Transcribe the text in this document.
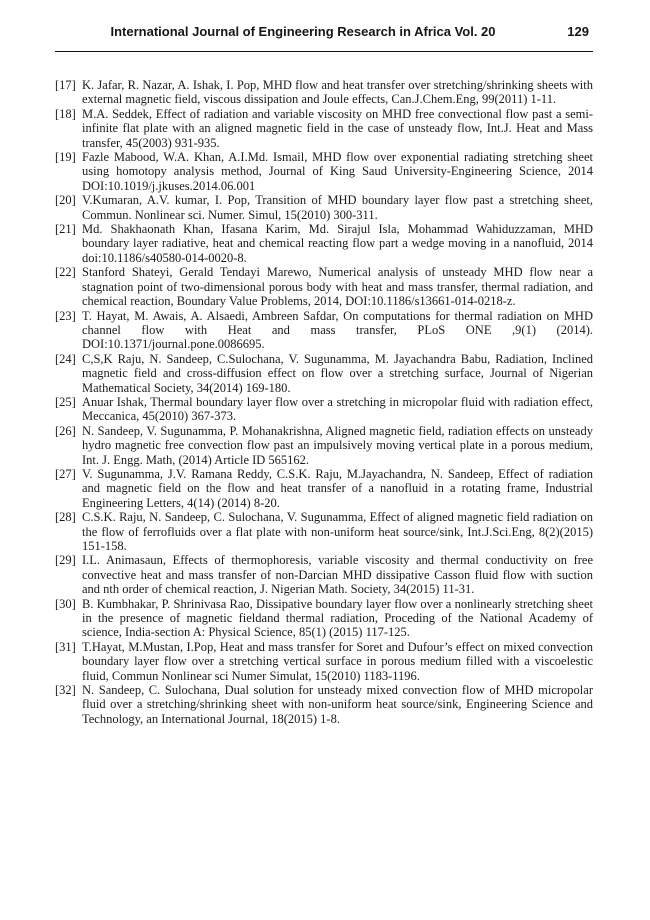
International Journal of Engineering Research in Africa Vol. 20	129
[17] K. Jafar, R. Nazar, A. Ishak, I. Pop, MHD flow and heat transfer over stretching/shrinking sheets with external magnetic field, viscous dissipation and Joule effects, Can.J.Chem.Eng, 99(2011) 1-11.
[18] M.A. Seddek, Effect of radiation and variable viscosity on MHD free convectional flow past a semi-infinite flat plate with an aligned magnetic field in the case of unsteady flow, Int.J. Heat and Mass transfer, 45(2003) 931-935.
[19] Fazle Mabood, W.A. Khan, A.I.Md. Ismail, MHD flow over exponential radiating stretching sheet using homotopy analysis method, Journal of King Saud University-Engineering Science, 2014 DOI:10.1019/j.jkuses.2014.06.001
[20] V.Kumaran, A.V. kumar, I. Pop, Transition of MHD boundary layer flow past a stretching sheet, Commun. Nonlinear sci. Numer. Simul, 15(2010) 300-311.
[21] Md. Shakhaonath Khan, Ifasana Karim, Md. Sirajul Isla, Mohammad Wahiduzzaman, MHD boundary layer radiative, heat and chemical reacting flow part a wedge moving in a nanofluid, 2014 doi:10.1186/s40580-014-0020-8.
[22] Stanford Shateyi, Gerald Tendayi Marewo, Numerical analysis of unsteady MHD flow near a stagnation point of two-dimensional porous body with heat and mass transfer, thermal radiation, and chemical reaction, Boundary Value Problems, 2014, DOI:10.1186/s13661-014-0218-z.
[23] T. Hayat, M. Awais, A. Alsaedi, Ambreen Safdar, On computations for thermal radiation on MHD channel flow with Heat and mass transfer, PLoS ONE ,9(1) (2014). DOI:10.1371/journal.pone.0086695.
[24] C,S,K Raju, N. Sandeep, C.Sulochana, V. Sugunamma, M. Jayachandra Babu, Radiation, Inclined magnetic field and cross-diffusion effect on flow over a stretching surface, Journal of Nigerian Mathematical Society, 34(2014) 169-180.
[25] Anuar Ishak, Thermal boundary layer flow over a stretching in micropolar fluid with radiation effect, Meccanica, 45(2010) 367-373.
[26] N. Sandeep, V. Sugunamma, P. Mohanakrishna, Aligned magnetic field, radiation effects on unsteady hydro magnetic free convection flow past an impulsively moving vertical plate in a porous medium, Int. J. Engg. Math, (2014) Article ID 565162.
[27] V. Sugunamma, J.V. Ramana Reddy, C.S.K. Raju, M.Jayachandra, N. Sandeep, Effect of radiation and magnetic field on the flow and heat transfer of a nanofluid in a rotating frame, Industrial Engineering Letters, 4(14) (2014) 8-20.
[28] C.S.K. Raju, N. Sandeep, C. Sulochana, V. Sugunamma, Effect of aligned magnetic field radiation on the flow of ferrofluids over a flat plate with non-uniform heat source/sink, Int.J.Sci.Eng, 8(2)(2015) 151-158.
[29] I.L. Animasaun, Effects of thermophoresis, variable viscosity and thermal conductivity on free convective heat and mass transfer of non-Darcian MHD dissipative Casson fluid flow with suction and nth order of chemical reaction, J. Nigerian Math. Society, 34(2015) 11-31.
[30] B. Kumbhakar, P. Shrinivasa Rao, Dissipative boundary layer flow over a nonlinearly stretching sheet in the presence of magnetic fieldand thermal radiation, Proceding of the National Academy of science, India-section A: Physical Science, 85(1) (2015) 117-125.
[31] T.Hayat, M.Mustan, I.Pop, Heat and mass transfer for Soret and Dufour’s effect on mixed convection boundary layer flow over a stretching vertical surface in porous medium filled with a viscoelestic fluid, Commun Nonlinear sci Numer Simulat, 15(2010) 1183-1196.
[32] N. Sandeep, C. Sulochana, Dual solution for unsteady mixed convection flow of MHD micropolar fluid over a stretching/shrinking sheet with non-uniform heat source/sink, Engineering Science and Technology, an International Journal, 18(2015) 1-8.
